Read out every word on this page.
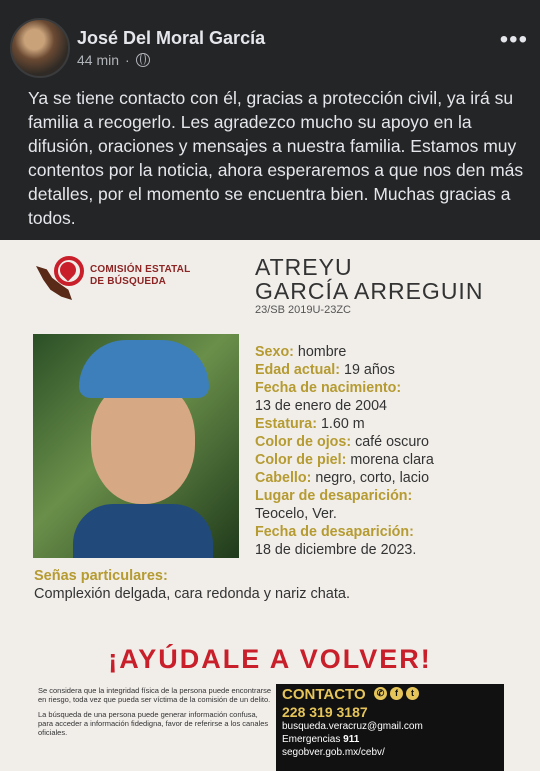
José Del Moral García
44 min ·
•••

Ya se tiene contacto con él, gracias a protección civil, ya irá su familia a recogerlo. Les agradezco mucho su apoyo en la difusión, oraciones y mensajes a nuestra familia. Estamos muy contentos por la noticia, ahora esperaremos a que nos den más detalles, por el momento se encuentra bien. Muchas gracias a todos.

COMISIÓN ESTATAL
DE BÚSQUEDA
ATREYU
GARCÍA ARREGUIN
23/SB 2019U-23ZC

Sexo: hombre

Edad actual: 19 años

Fecha de nacimiento:

13 de enero de 2004

Estatura: 1.60 m

Color de ojos: café oscuro

Color de piel: morena clara

Cabello: negro, corto, lacio

Lugar de desaparición:

Teocelo, Ver.

Fecha de desaparición:

18 de diciembre de 2023.

Señas particulares:
Complexión delgada, cara redonda y nariz chata.
¡AYÚDALE A VOLVER!

Se considera que la integridad física de la persona puede encontrarse en riesgo, toda vez que pueda ser víctima de la comisión de un delito.

La búsqueda de una persona puede generar información confusa, para acceder a información fidedigna, favor de referirse a los canales oficiales.

CONTACTO	✆	f	t
228 319 3187
busqueda.veracruz@gmail.com
Emergencias 911
segobver.gob.mx/cebv/
